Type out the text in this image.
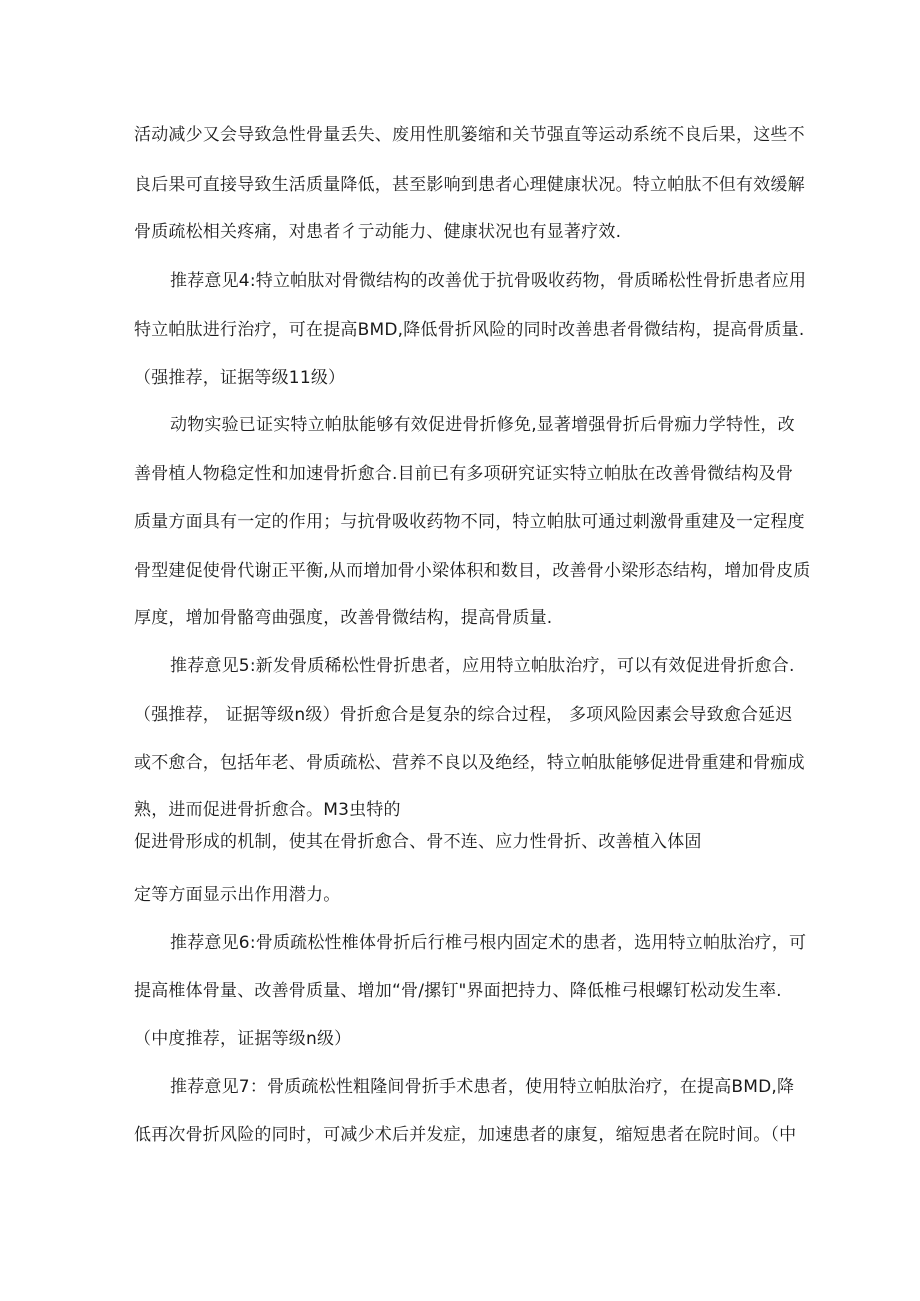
活动减少又会导致急性骨量丢失、废用性肌篓缩和关节强直等运动系统不良后果，这些不
良后果可直接导致生活质量降低，甚至影响到患者心理健康状况。特立帕肽不但有效缓解
骨质疏松相关疼痛，对患者彳亍动能力、健康状况也有显著疗效.
推荐意见4:特立帕肽对骨微结构的改善优于抗骨吸收药物，骨质晞松性骨折患者应用
特立帕肽进行治疗，可在提高BMD,降低骨折风险的同时改善患者骨微结构，提高骨质量.
（强推荐，证据等级11级）
动物实验已证实特立帕肽能够有效促进骨折修免,显著增强骨折后骨痂力学特性，改
善骨植人物稳定性和加速骨折愈合.目前已有多项研究证实特立帕肽在改善骨微结构及骨
质量方面具有一定的作用；与抗骨吸收药物不同，特立帕肽可通过刺激骨重建及一定程度
骨型建促使骨代谢正平衡,从而增加骨小梁体积和数目，改善骨小梁形态结构，增加骨皮质
厚度，增加骨骼弯曲强度，改善骨微结构，提高骨质量.
推荐意见5:新发骨质稀松性骨折患者，应用特立帕肽治疗，可以有效促进骨折愈合.
（强推荐， 证据等级n级）骨折愈合是复杂的综合过程， 多项风险因素会导致愈合延迟
或不愈合，包括年老、骨质疏松、营养不良以及绝经，特立帕肽能够促进骨重建和骨痂成
熟，进而促进骨折愈合。M3虫特的
促进骨形成的机制，使其在骨折愈合、骨不连、应力性骨折、改善植入体固
定等方面显示出作用潜力。
推荐意见6:骨质疏松性椎体骨折后行椎弓根内固定术的患者，选用特立帕肽治疗，可
提高椎体骨量、改善骨质量、增加“骨/摞钉"界面把持力、降低椎弓根螺钉松动发生率.
（中度推荐，证据等级n级）
推荐意见7：骨质疏松性粗隆间骨折手术患者，使用特立帕肽治疗，在提高BMD,降
低再次骨折风险的同时，可减少术后并发症，加速患者的康复，缩短患者在院时间。（中
